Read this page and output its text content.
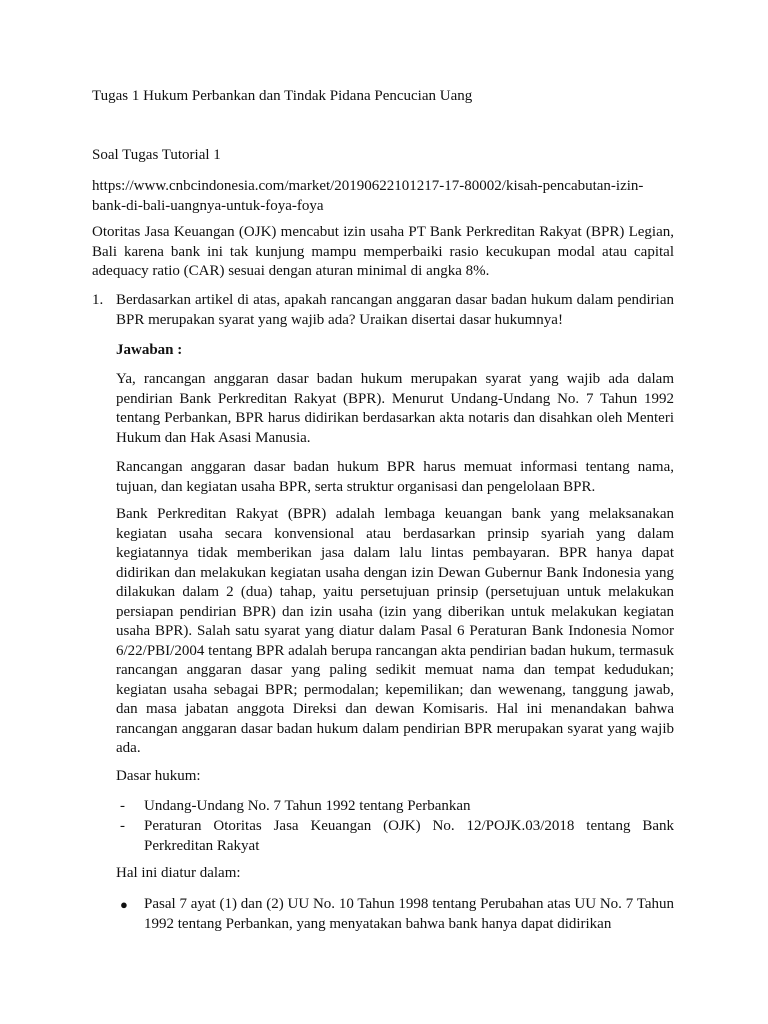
Tugas 1 Hukum Perbankan dan Tindak Pidana Pencucian Uang

Soal Tugas Tutorial 1

https://www.cnbcindonesia.com/market/20190622101217-17-80002/kisah-pencabutan-izin-bank-di-bali-uangnya-untuk-foya-foya

Otoritas Jasa Keuangan (OJK) mencabut izin usaha PT Bank Perkreditan Rakyat (BPR) Legian, Bali karena bank ini tak kunjung mampu memperbaiki rasio kecukupan modal atau capital adequacy ratio (CAR) sesuai dengan aturan minimal di angka 8%.

1. Berdasarkan artikel di atas, apakah rancangan anggaran dasar badan hukum dalam pendirian BPR merupakan syarat yang wajib ada? Uraikan disertai dasar hukumnya!

Jawaban :

Ya, rancangan anggaran dasar badan hukum merupakan syarat yang wajib ada dalam pendirian Bank Perkreditan Rakyat (BPR). Menurut Undang-Undang No. 7 Tahun 1992 tentang Perbankan, BPR harus didirikan berdasarkan akta notaris dan disahkan oleh Menteri Hukum dan Hak Asasi Manusia.

Rancangan anggaran dasar badan hukum BPR harus memuat informasi tentang nama, tujuan, dan kegiatan usaha BPR, serta struktur organisasi dan pengelolaan BPR.

Bank Perkreditan Rakyat (BPR) adalah lembaga keuangan bank yang melaksanakan kegiatan usaha secara konvensional atau berdasarkan prinsip syariah yang dalam kegiatannya tidak memberikan jasa dalam lalu lintas pembayaran. BPR hanya dapat didirikan dan melakukan kegiatan usaha dengan izin Dewan Gubernur Bank Indonesia yang dilakukan dalam 2 (dua) tahap, yaitu persetujuan prinsip (persetujuan untuk melakukan persiapan pendirian BPR) dan izin usaha (izin yang diberikan untuk melakukan kegiatan usaha BPR). Salah satu syarat yang diatur dalam Pasal 6 Peraturan Bank Indonesia Nomor 6/22/PBI/2004 tentang BPR adalah berupa rancangan akta pendirian badan hukum, termasuk rancangan anggaran dasar yang paling sedikit memuat nama dan tempat kedudukan; kegiatan usaha sebagai BPR; permodalan; kepemilikan; dan wewenang, tanggung jawab, dan masa jabatan anggota Direksi dan dewan Komisaris. Hal ini menandakan bahwa rancangan anggaran dasar badan hukum dalam pendirian BPR merupakan syarat yang wajib ada.

Dasar hukum:

- Undang-Undang No. 7 Tahun 1992 tentang Perbankan

- Peraturan Otoritas Jasa Keuangan (OJK) No. 12/POJK.03/2018 tentang Bank Perkreditan Rakyat

Hal ini diatur dalam:

● Pasal 7 ayat (1) dan (2) UU No. 10 Tahun 1998 tentang Perubahan atas UU No. 7 Tahun 1992 tentang Perbankan, yang menyatakan bahwa bank hanya dapat didirikan
